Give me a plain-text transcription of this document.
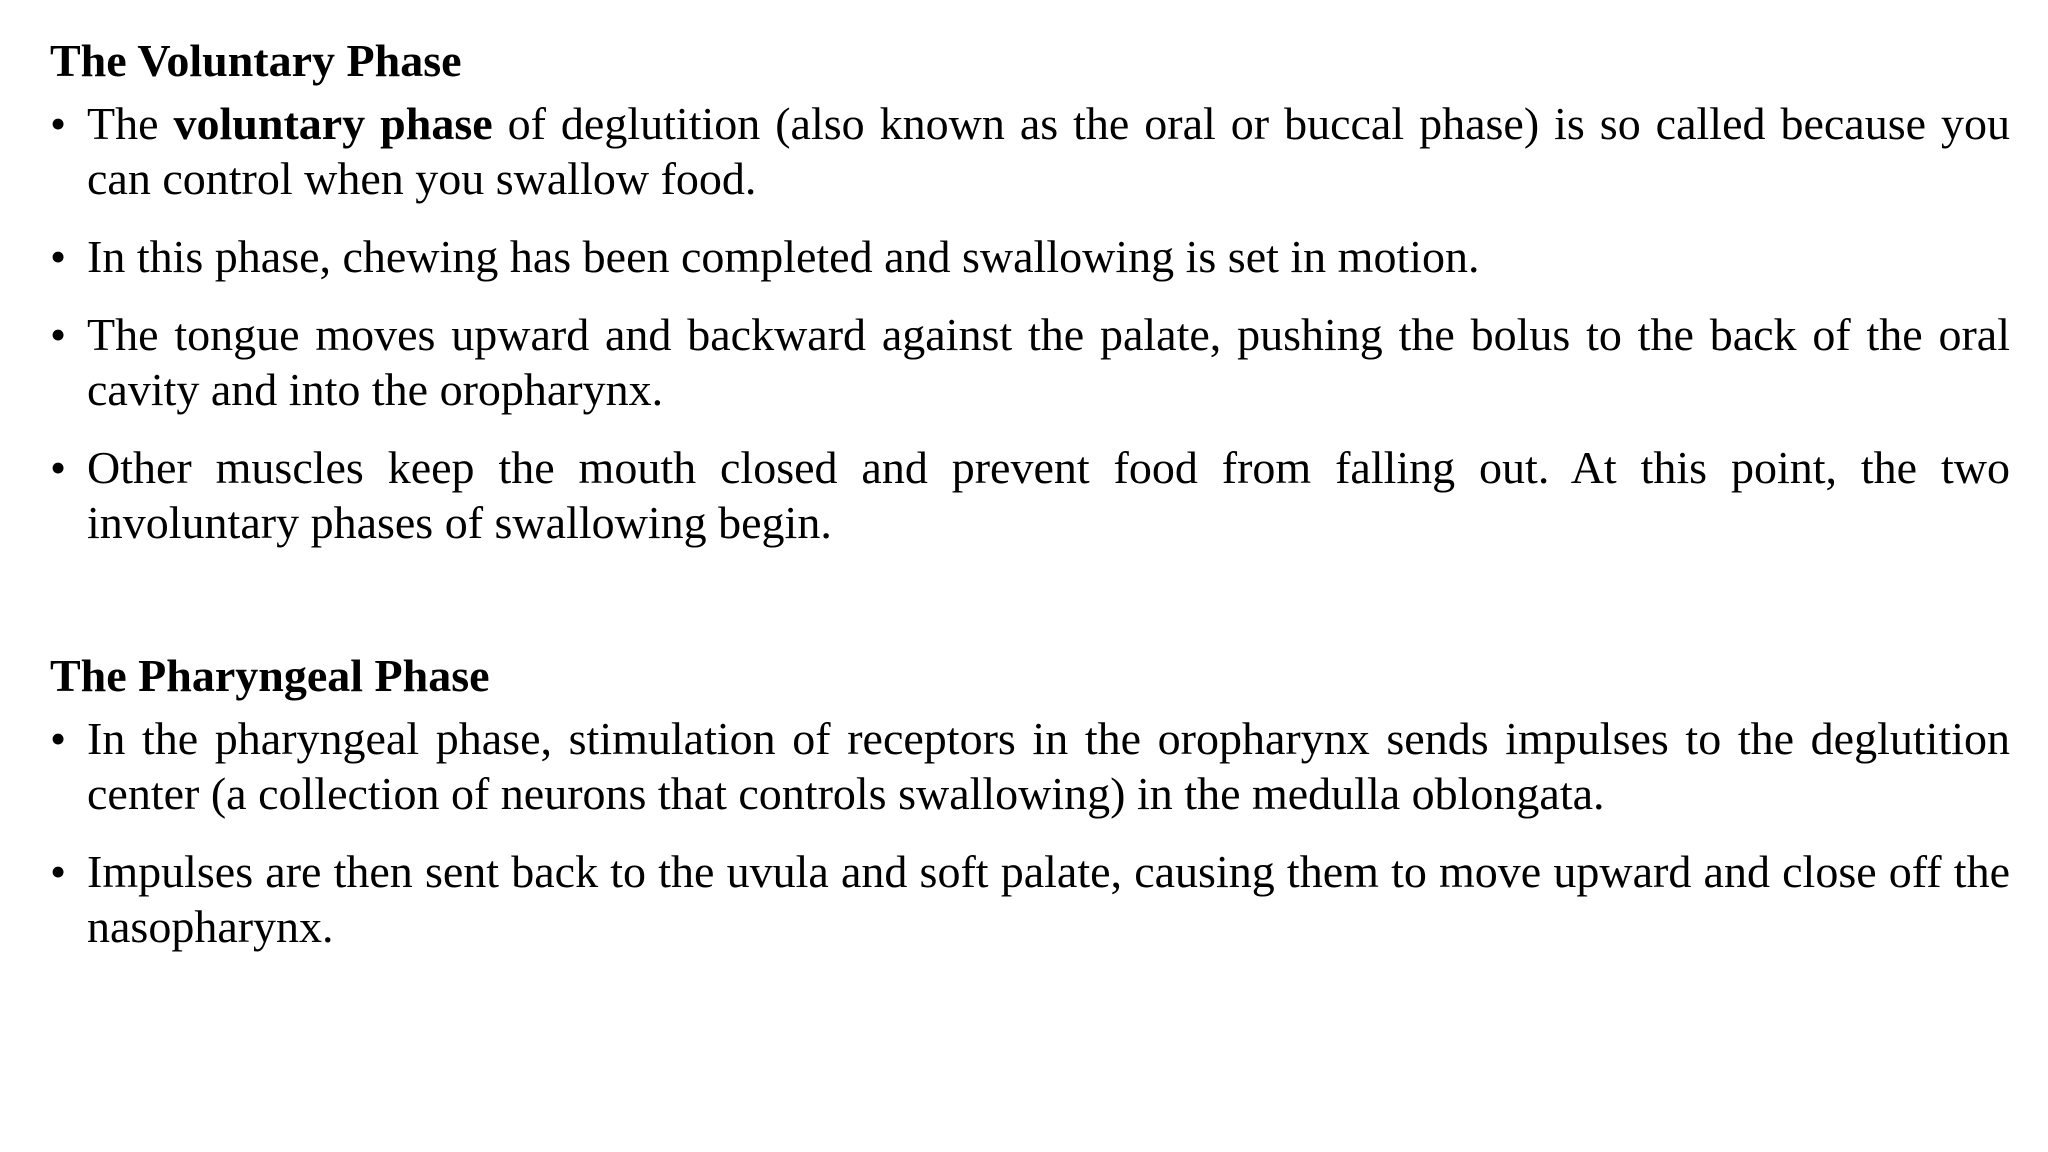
The Voluntary Phase
• The voluntary phase of deglutition (also known as the oral or buccal phase) is so called because you can control when you swallow food.
• In this phase, chewing has been completed and swallowing is set in motion.
• The tongue moves upward and backward against the palate, pushing the bolus to the back of the oral cavity and into the oropharynx.
• Other muscles keep the mouth closed and prevent food from falling out. At this point, the two involuntary phases of swallowing begin.
The Pharyngeal Phase
• In the pharyngeal phase, stimulation of receptors in the oropharynx sends impulses to the deglutition center (a collection of neurons that controls swallowing) in the medulla oblongata.
• Impulses are then sent back to the uvula and soft palate, causing them to move upward and close off the nasopharynx.
